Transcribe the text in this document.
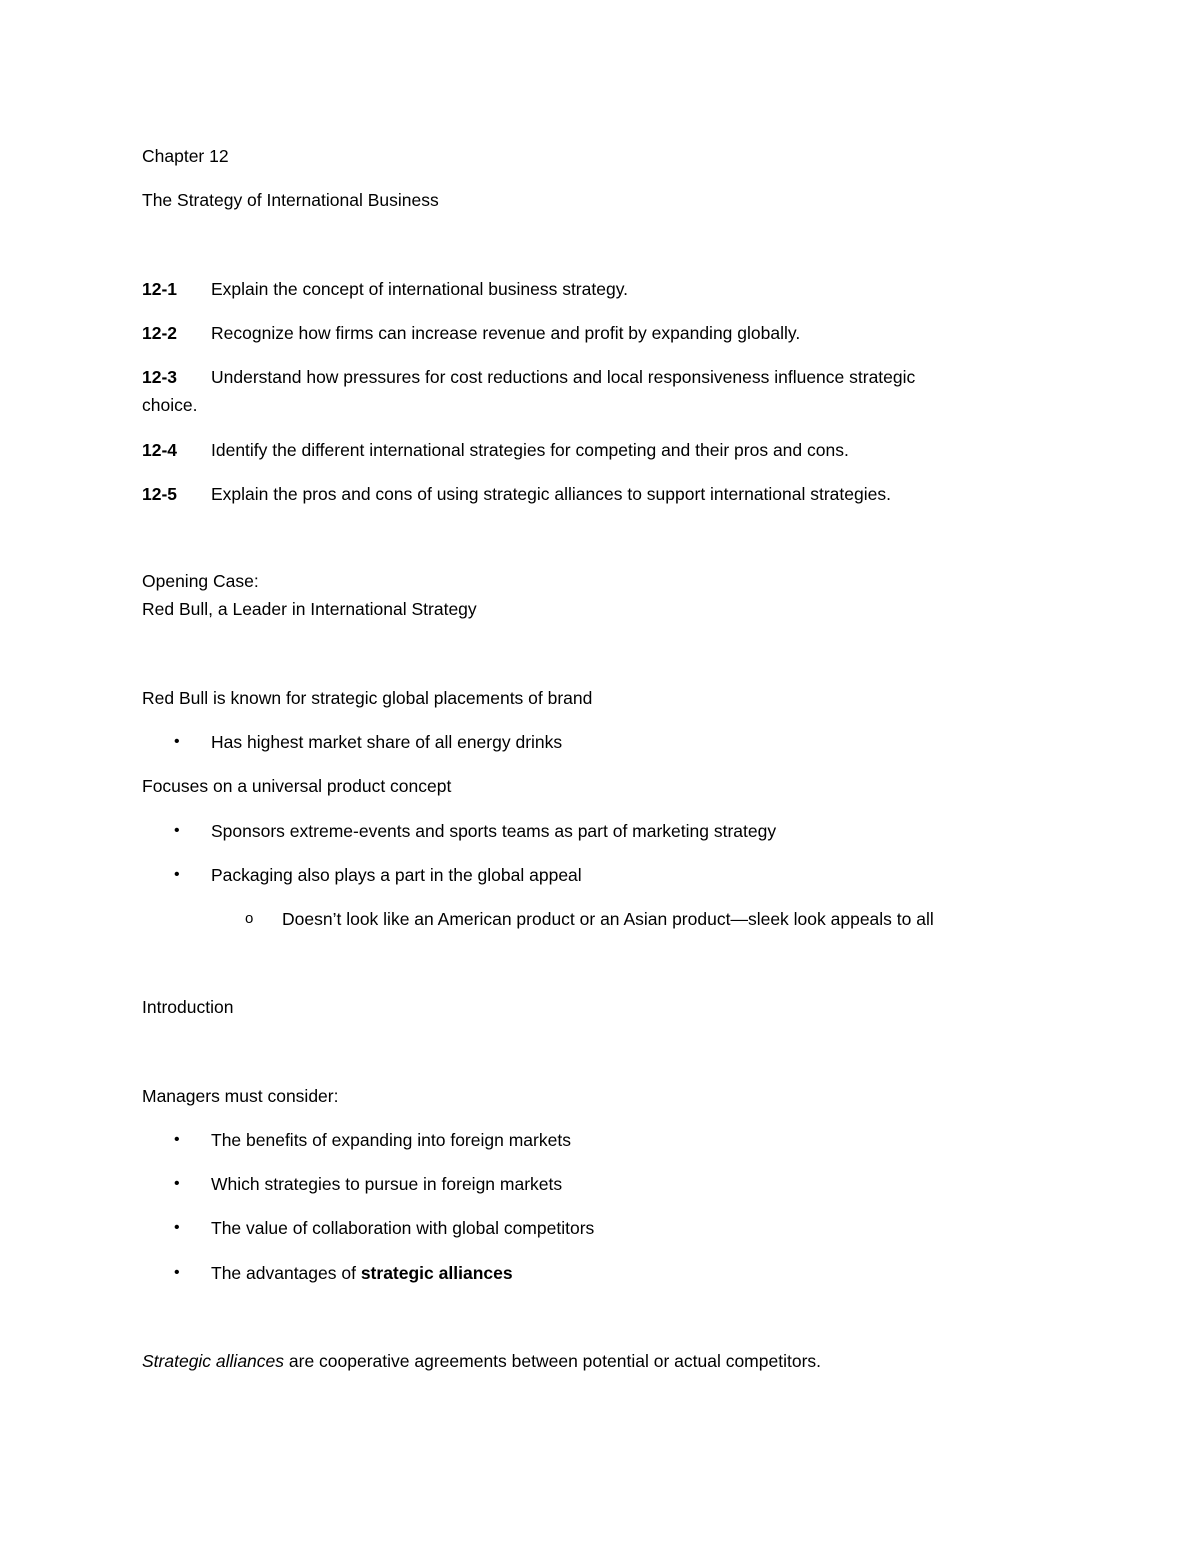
Chapter 12
The Strategy of International Business
12-1 Explain the concept of international business strategy.
12-2 Recognize how firms can increase revenue and profit by expanding globally.
12-3 Understand how pressures for cost reductions and local responsiveness influence strategic
choice.
12-4 Identify the different international strategies for competing and their pros and cons.
12-5 Explain the pros and cons of using strategic alliances to support international strategies.
Opening Case:
Red Bull, a Leader in International Strategy
Red Bull is known for strategic global placements of brand
• Has highest market share of all energy drinks
Focuses on a universal product concept
• Sponsors extreme-events and sports teams as part of marketing strategy
• Packaging also plays a part in the global appeal
o Doesn’t look like an American product or an Asian product—sleek look appeals to all
Introduction
Managers must consider:
• The benefits of expanding into foreign markets
• Which strategies to pursue in foreign markets
• The value of collaboration with global competitors
• The advantages of strategic alliances
Strategic alliances are cooperative agreements between potential or actual competitors.
